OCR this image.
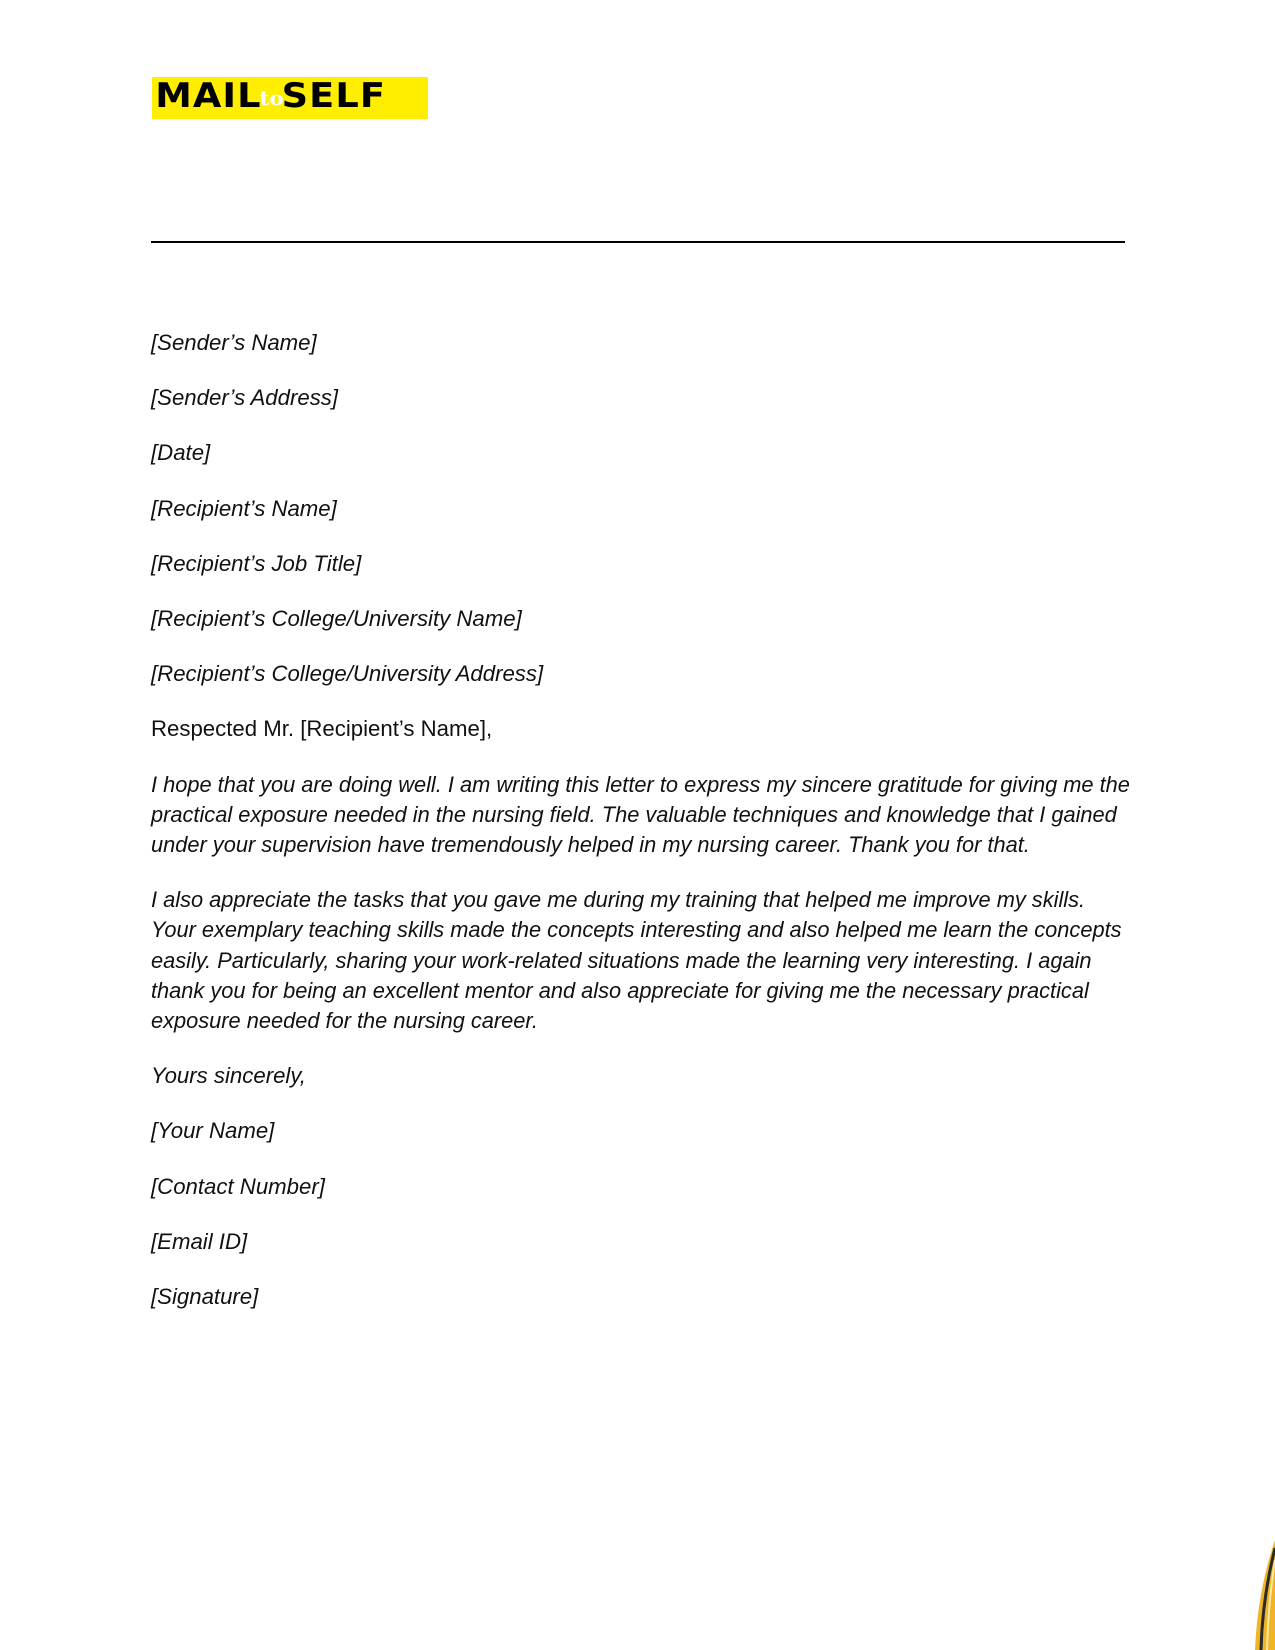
MAILtoSELF

[Sender’s Name]

[Sender’s Address]

[Date]

[Recipient’s Name]

[Recipient’s Job Title]

[Recipient’s College/University Name]

[Recipient’s College/University Address]

Respected Mr. [Recipient’s Name],

I hope that you are doing well. I am writing this letter to express my sincere gratitude for giving me the practical exposure needed in the nursing field. The valuable techniques and knowledge that I gained under your supervision have tremendously helped in my nursing career. Thank you for that.

I also appreciate the tasks that you gave me during my training that helped me improve my skills. Your exemplary teaching skills made the concepts interesting and also helped me learn the concepts easily. Particularly, sharing your work-related situations made the learning very interesting. I again thank you for being an excellent mentor and also appreciate for giving me the necessary practical exposure needed for the nursing career.

Yours sincerely,

[Your Name]

[Contact Number]

[Email ID]

[Signature]
